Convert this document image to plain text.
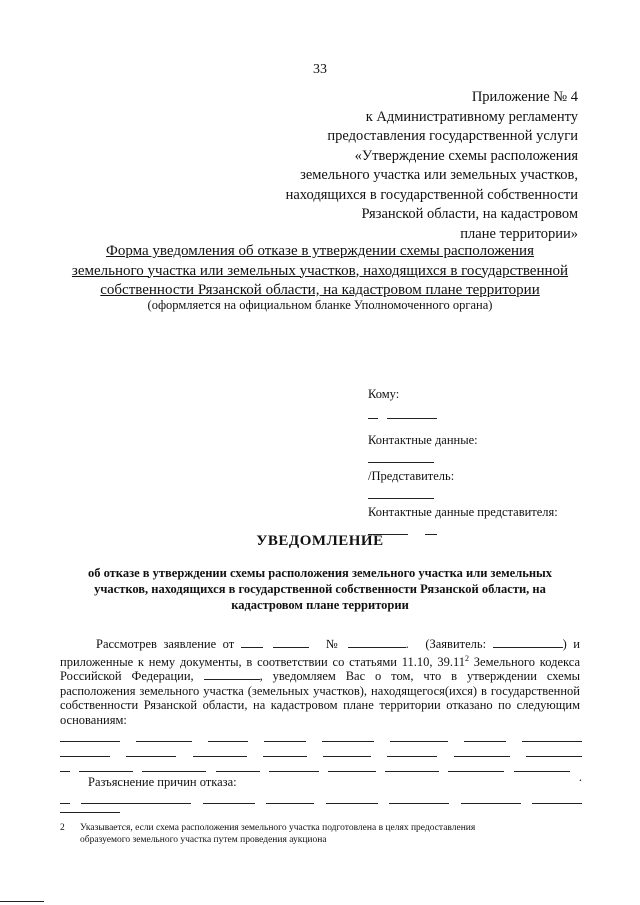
33
Приложение № 4
к Административному регламенту
предоставления государственной услуги
«Утверждение схемы расположения
земельного участка или земельных участков,
находящихся в государственной собственности
Рязанской области, на кадастровом
плане территории»
Форма уведомления об отказе в утверждении схемы расположения
земельного участка или земельных участков, находящихся в государственной
собственности Рязанской области, на кадастровом плане территории
(оформляется на официальном бланке Уполномоченного органа)
Кому:

Контактные данные:
/Представитель:
Контактные данные представителя:

УВЕДОМЛЕНИЕ
об отказе в утверждении схемы расположения земельного участка или земельных участков, находящихся в государственной собственности Рязанской области, на кадастровом плане территории

Рассмотрев заявление от	№	. (Заявитель:	) и приложенные к нему документы, в соответствии со статьями 11.10, 39.11$^2$ Земельного кодекса Российской Федерации,	, уведомляем Вас о том, что в утверждении схемы расположения земельного участка (земельных участков), находящегося(ихся) в государственной собственности Рязанской области, на кадастровом плане территории отказано по следующим основаниям:

.
Разъяснение причин отказа:
2 Указывается, если схема расположения земельного участка подготовлена в целях предоставления
образуемого земельного участка путем проведения аукциона
